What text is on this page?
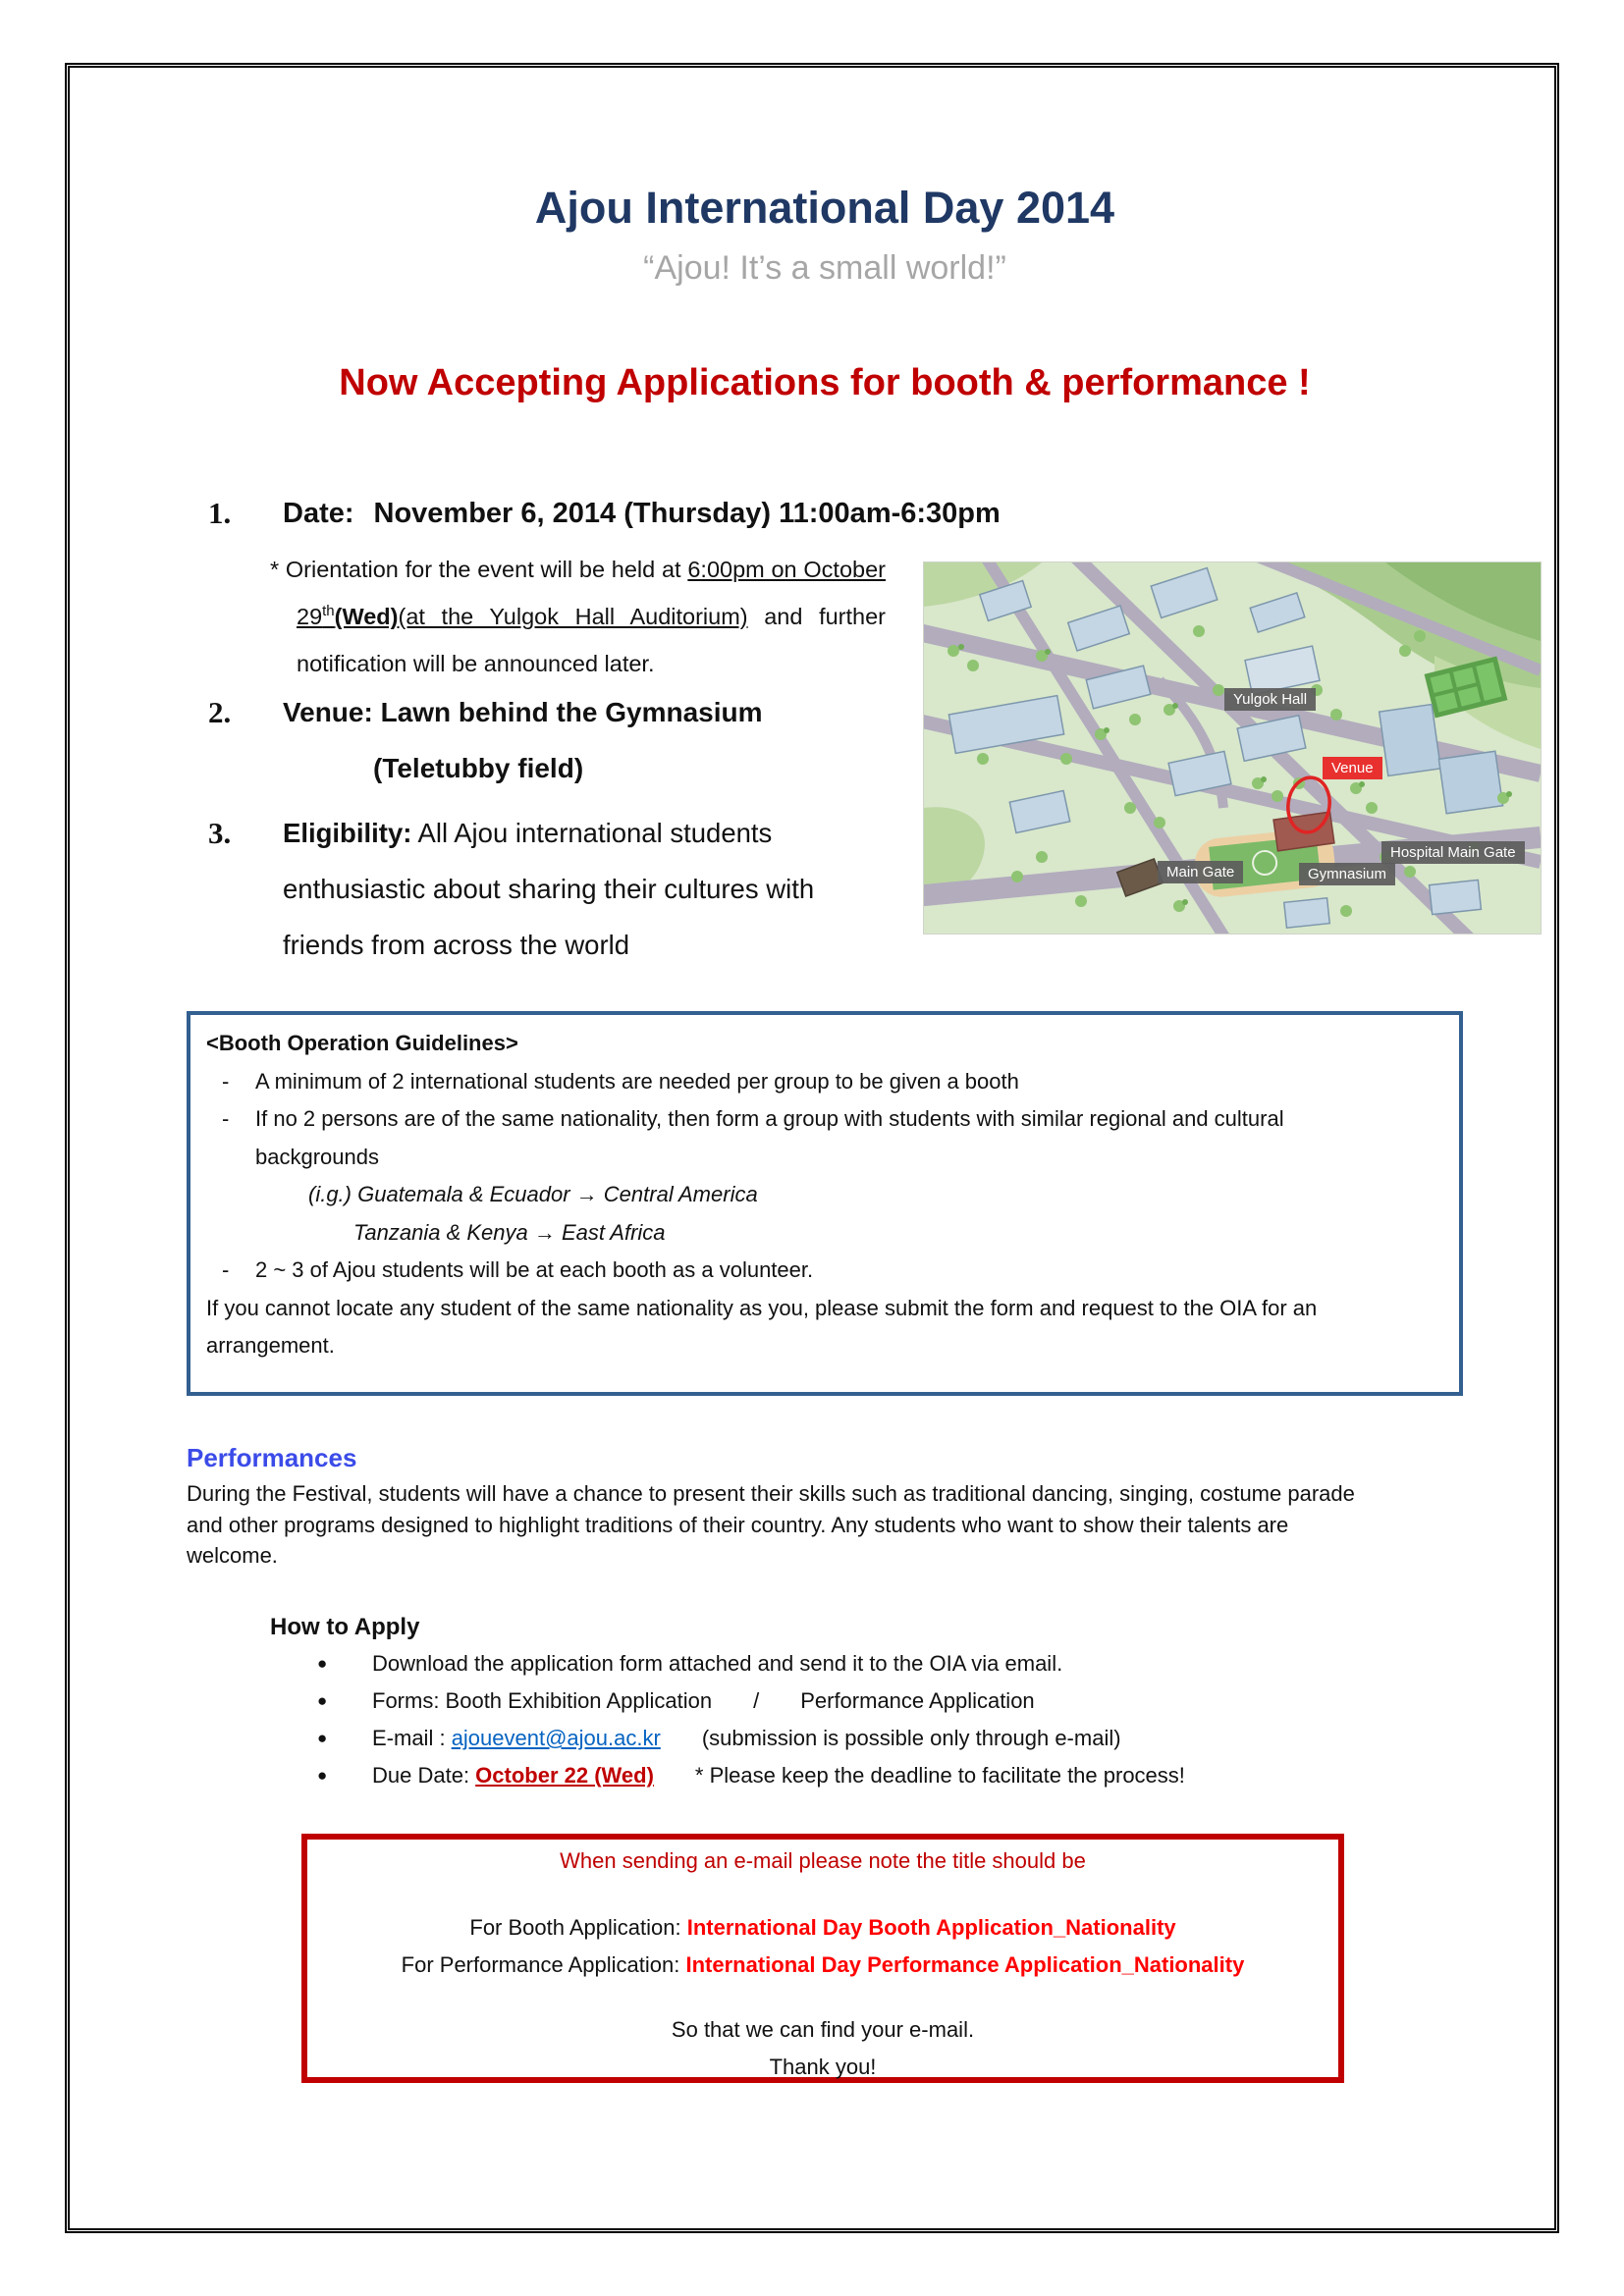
Ajou International Day 2014
“Ajou! It’s a small world!”
Now Accepting Applications for booth & performance !
1.	Date: November 6, 2014 (Thursday) 11:00am-6:30pm
* Orientation for the event will be held at 6:00pm on October 29th(Wed)(at the Yulgok Hall Auditorium) and further notification will be announced later.
2.	Venue: Lawn behind the Gymnasium
(Teletubby field)
3.	Eligibility: All Ajou international students enthusiastic about sharing their cultures with friends from across the world
Yulgok Hall
Venue
Main Gate	Gymnasium
Hospital Main Gate
<Booth Operation Guidelines>
-	A minimum of 2 international students are needed per group to be given a booth
-	If no 2 persons are of the same nationality, then form a group with students with similar regional and cultural backgrounds
(i.g.) Guatemala & Ecuador → Central America
Tanzania & Kenya → East Africa
-	2 ~ 3 of Ajou students will be at each booth as a volunteer.
If you cannot locate any student of the same nationality as you, please submit the form and request to the OIA for an arrangement.
Performances
During the Festival, students will have a chance to present their skills such as traditional dancing, singing, costume parade and other programs designed to highlight traditions of their country. Any students who want to show their talents are welcome.
How to Apply
●	Download the application form attached and send it to the OIA via email.
●	Forms: Booth Exhibition Application / Performance Application
●	E-mail : ajouevent@ajou.ac.kr (submission is possible only through e-mail)
●	Due Date: October 22 (Wed) * Please keep the deadline to facilitate the process!
When sending an e-mail please note the title should be
For Booth Application: International Day Booth Application_Nationality
For Performance Application: International Day Performance Application_Nationality
So that we can find your e-mail.
Thank you!
